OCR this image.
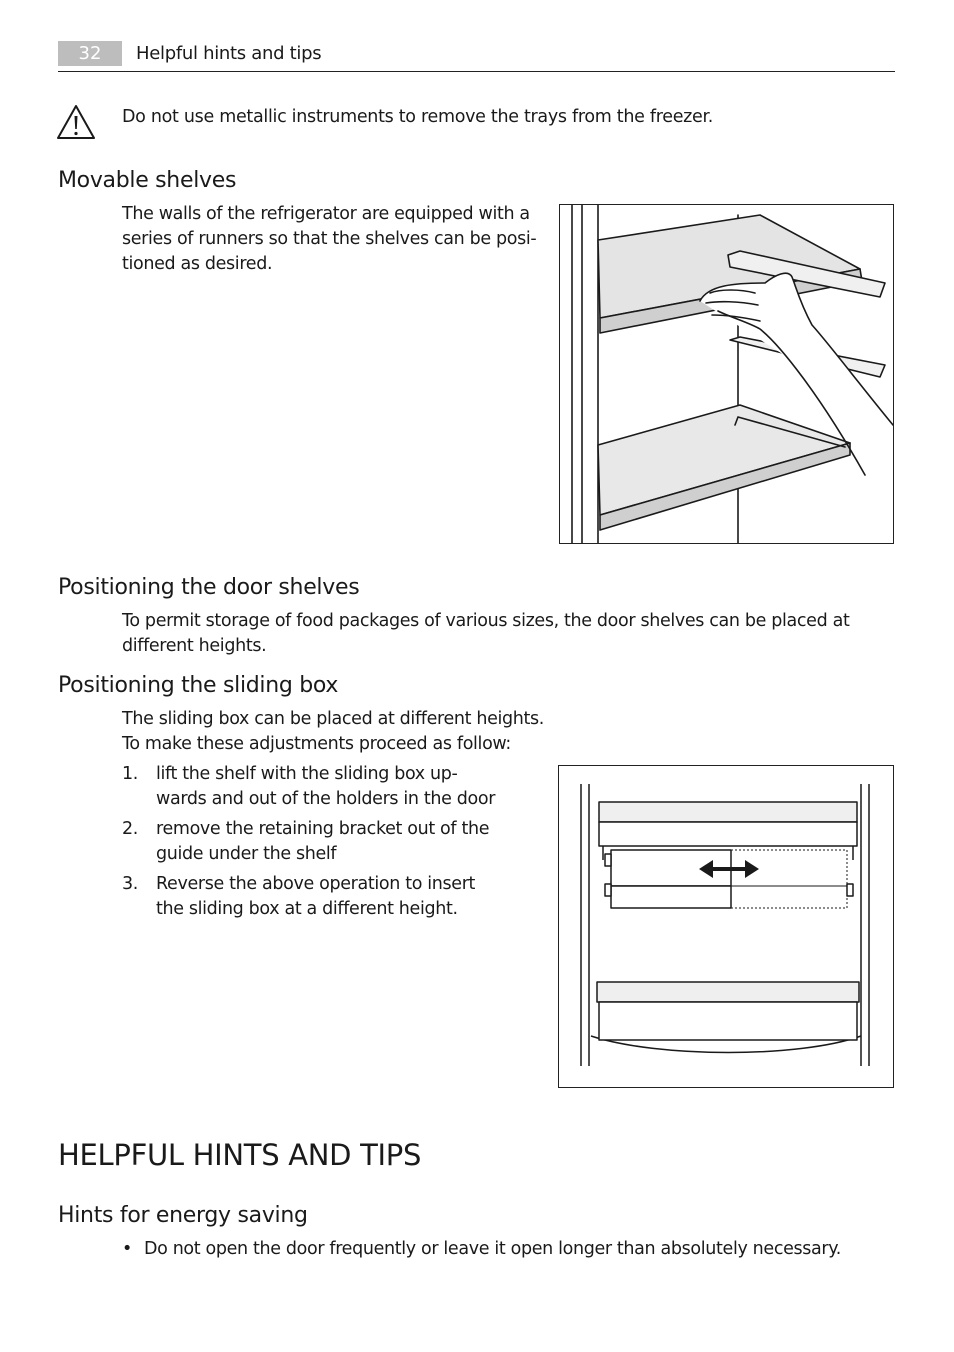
32	Helpful hints and tips
Do not use metallic instruments to remove the trays from the freezer.
Movable shelves
The walls of the refrigerator are equipped with a
series of runners so that the shelves can be posi-
tioned as desired.
Positioning the door shelves
To permit storage of food packages of various sizes, the door shelves can be placed at
different heights.
Positioning the sliding box
The sliding box can be placed at different heights.
To make these adjustments proceed as follow:
1. lift the shelf with the sliding box up-
wards and out of the holders in the door
2. remove the retaining bracket out of the
guide under the shelf
3. Reverse the above operation to insert
the sliding box at a different height.
HELPFUL HINTS AND TIPS
Hints for energy saving
• Do not open the door frequently or leave it open longer than absolutely necessary.
